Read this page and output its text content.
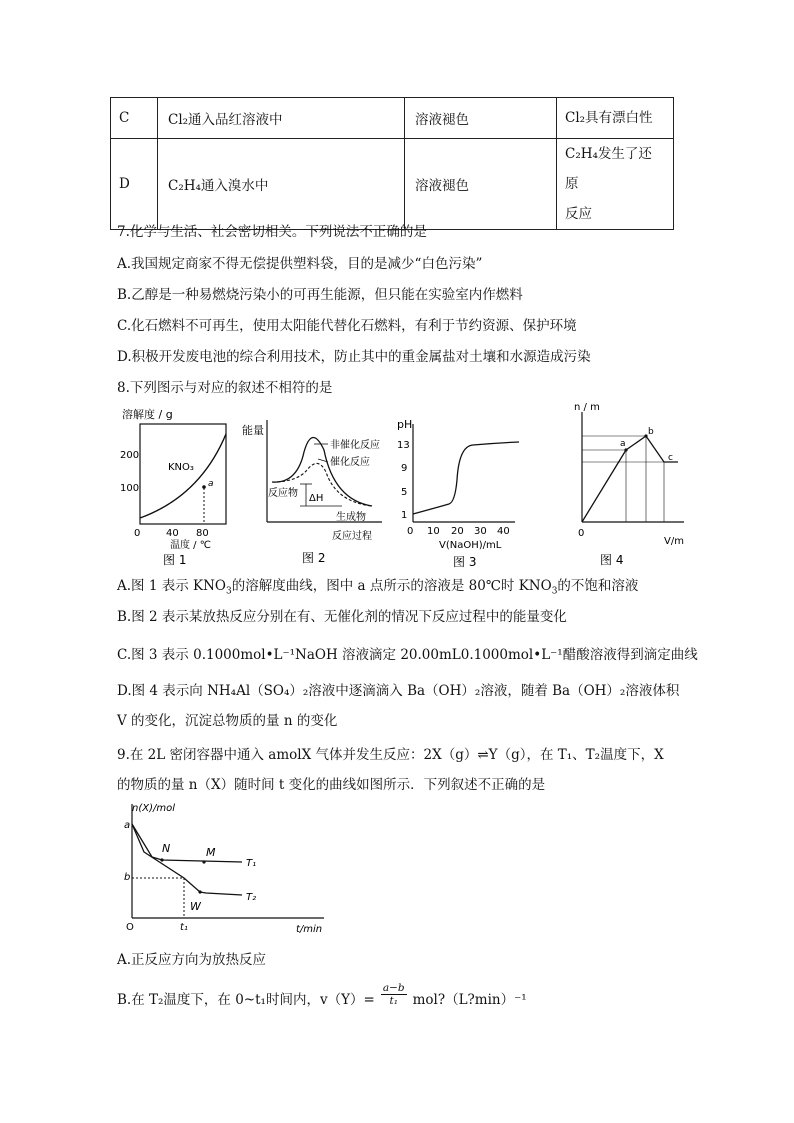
C	Cl₂通入品红溶液中	溶液褪色	Cl₂具有漂白性
D	C₂H₄通入溴水中	溶液褪色	C₂H₄发生了还原
反应
7.化学与生活、社会密切相关。下列说法不正确的是
A.我国规定商家不得无偿提供塑料袋，目的是减少“白色污染”
B.乙醇是一种易燃烧污染小的可再生能源，但只能在实验室内作燃料
C.化石燃料不可再生，使用太阳能代替化石燃料，有利于节约资源、保护环境
D.积极开发废电池的综合利用技术，防止其中的重金属盐对土壤和水源造成污染
8.下列图示与对应的叙述不相符的是
溶解度 / g
200
100
0	40 80
温度 / ℃
KNO₃
a
图 1
能量
非催化反应
催化反应
反应物 ΔH
生成物
反应过程
图 2
pH
13
9
5
1
0 10 20 30 40
V(NaOH)/mL
图 3
n / m
a
b
c
0
V/m
图 4
A.图 1 表示 $KNO_3$的溶解度曲线，图中 a 点所示的溶液是 80℃时 $KNO_3$的不饱和溶液
B.图 2 表示某放热反应分别在有、无催化剂的情况下反应过程中的能量变化
C.图 3 表示 0.1000mol•L⁻¹NaOH 溶液滴定 20.00mL0.1000mol•L⁻¹醋酸溶液得到滴定曲线
D.图 4 表示向 NH₄Al（SO₄）₂溶液中逐滴滴入 Ba（OH）₂溶液，随着 Ba（OH）₂溶液体积
V 的变化，沉淀总物质的量 n 的变化
9.在 2L 密闭容器中通入 amolX 气体并发生反应：2X（g）⇌Y（g），在 T₁、T₂温度下，X
的物质的量 n（X）随时间 t 变化的曲线如图所示．下列叙述不正确的是
n(X)/mol
a
b
N	M
W
T₁
T₂
O	t₁	t/min
A.正反应方向为放热反应
B.在 T₂温度下，在 0~t₁时间内，$v(Y)= \frac{a-b}{\text{t₁}}$ mol?（L?min）⁻¹
